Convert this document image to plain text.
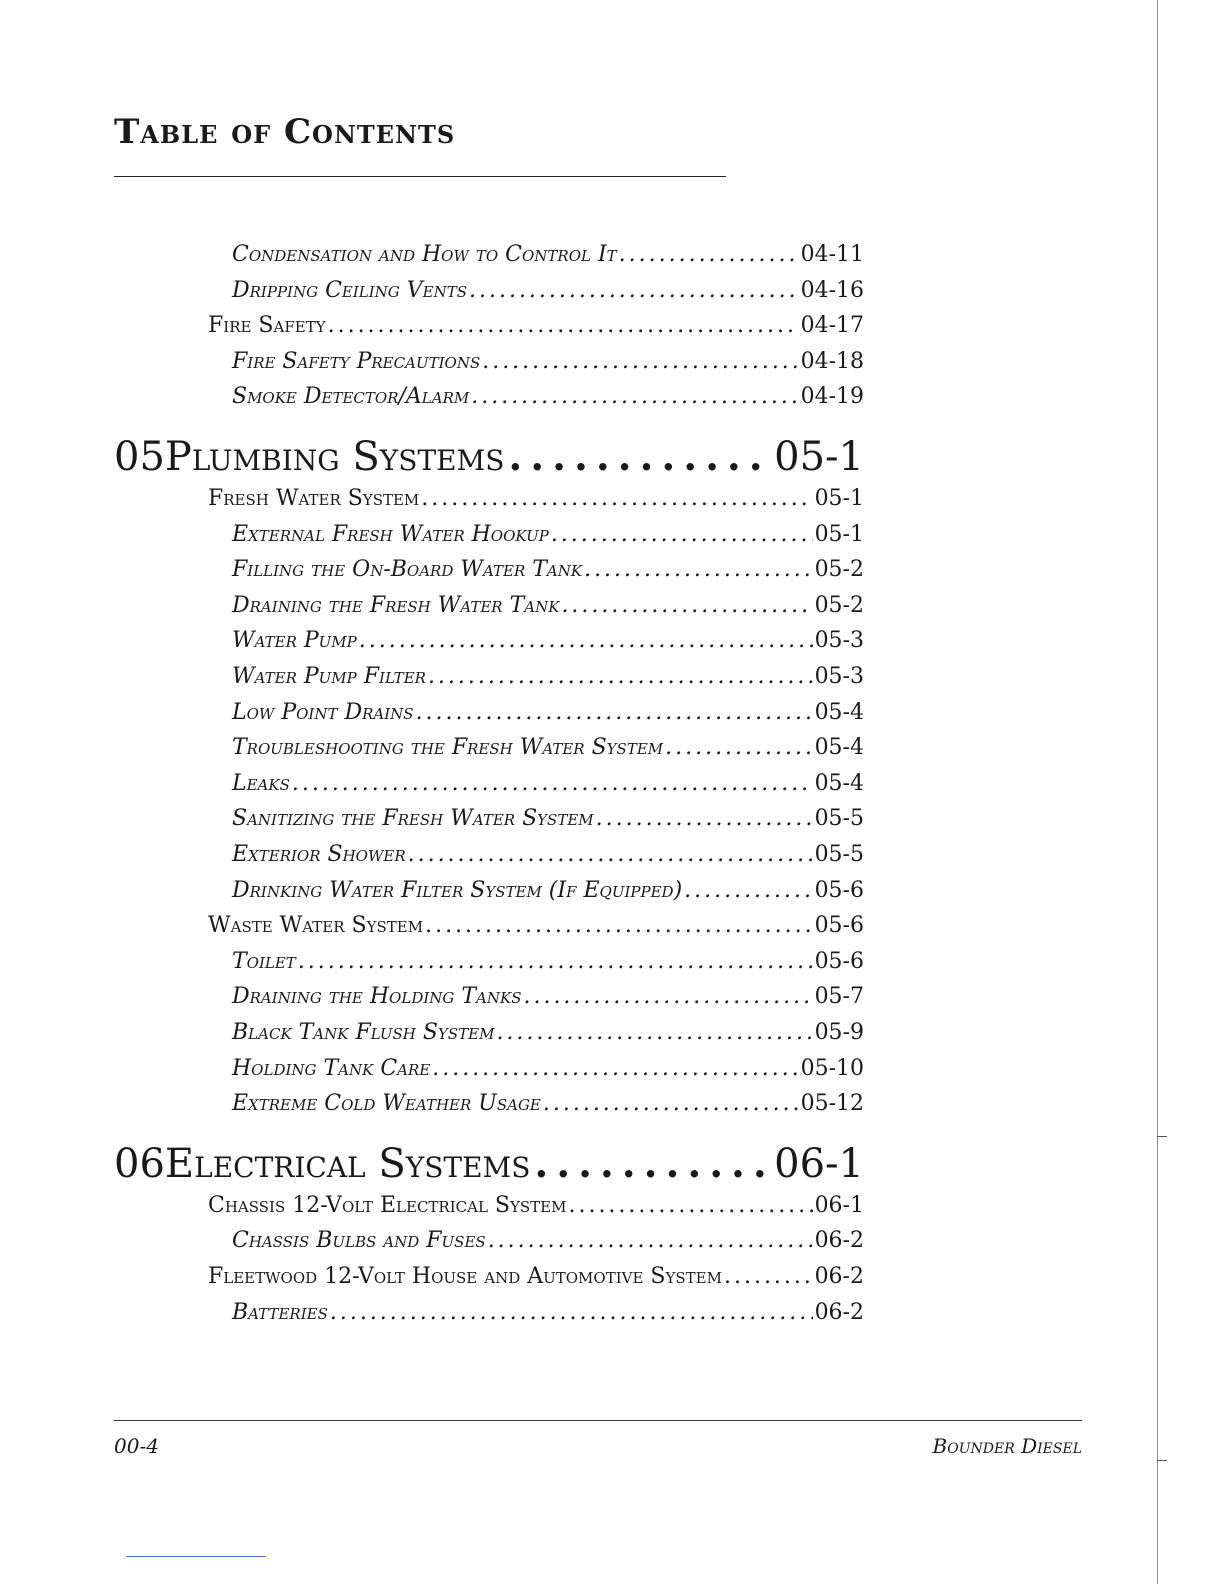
Table of Contents
Condensation and How to Control It . . .	04-11
Dripping Ceiling Vents . . .	04-16
Fire Safety . . .	04-17
Fire Safety Precautions . . .	04-18
Smoke Detector/Alarm . . .	04-19
05 Plumbing Systems . . .	05-1
Fresh Water System . . .	05-1
External Fresh Water Hookup . . .	05-1
Filling the On-Board Water Tank . . .	05-2
Draining the Fresh Water Tank . . .	05-2
Water Pump . . .	05-3
Water Pump Filter . . .	05-3
Low Point Drains . . .	05-4
Troubleshooting the Fresh Water System . . .	05-4
Leaks . . .	05-4
Sanitizing the Fresh Water System . . .	05-5
Exterior Shower . . .	05-5
Drinking Water Filter System (If Equipped) . . .	05-6
Waste Water System . . .	05-6
Toilet . . .	05-6
Draining the Holding Tanks . . .	05-7
Black Tank Flush System . . .	05-9
Holding Tank Care . . .	05-10
Extreme Cold Weather Usage . . .	05-12
06 Electrical Systems . . .	06-1
Chassis 12-Volt Electrical System . . .	06-1
Chassis Bulbs and Fuses . . .	06-2
Fleetwood 12-Volt House and Automotive System . . .	06-2
Batteries . . .	06-2
00-4	Bounder Diesel
